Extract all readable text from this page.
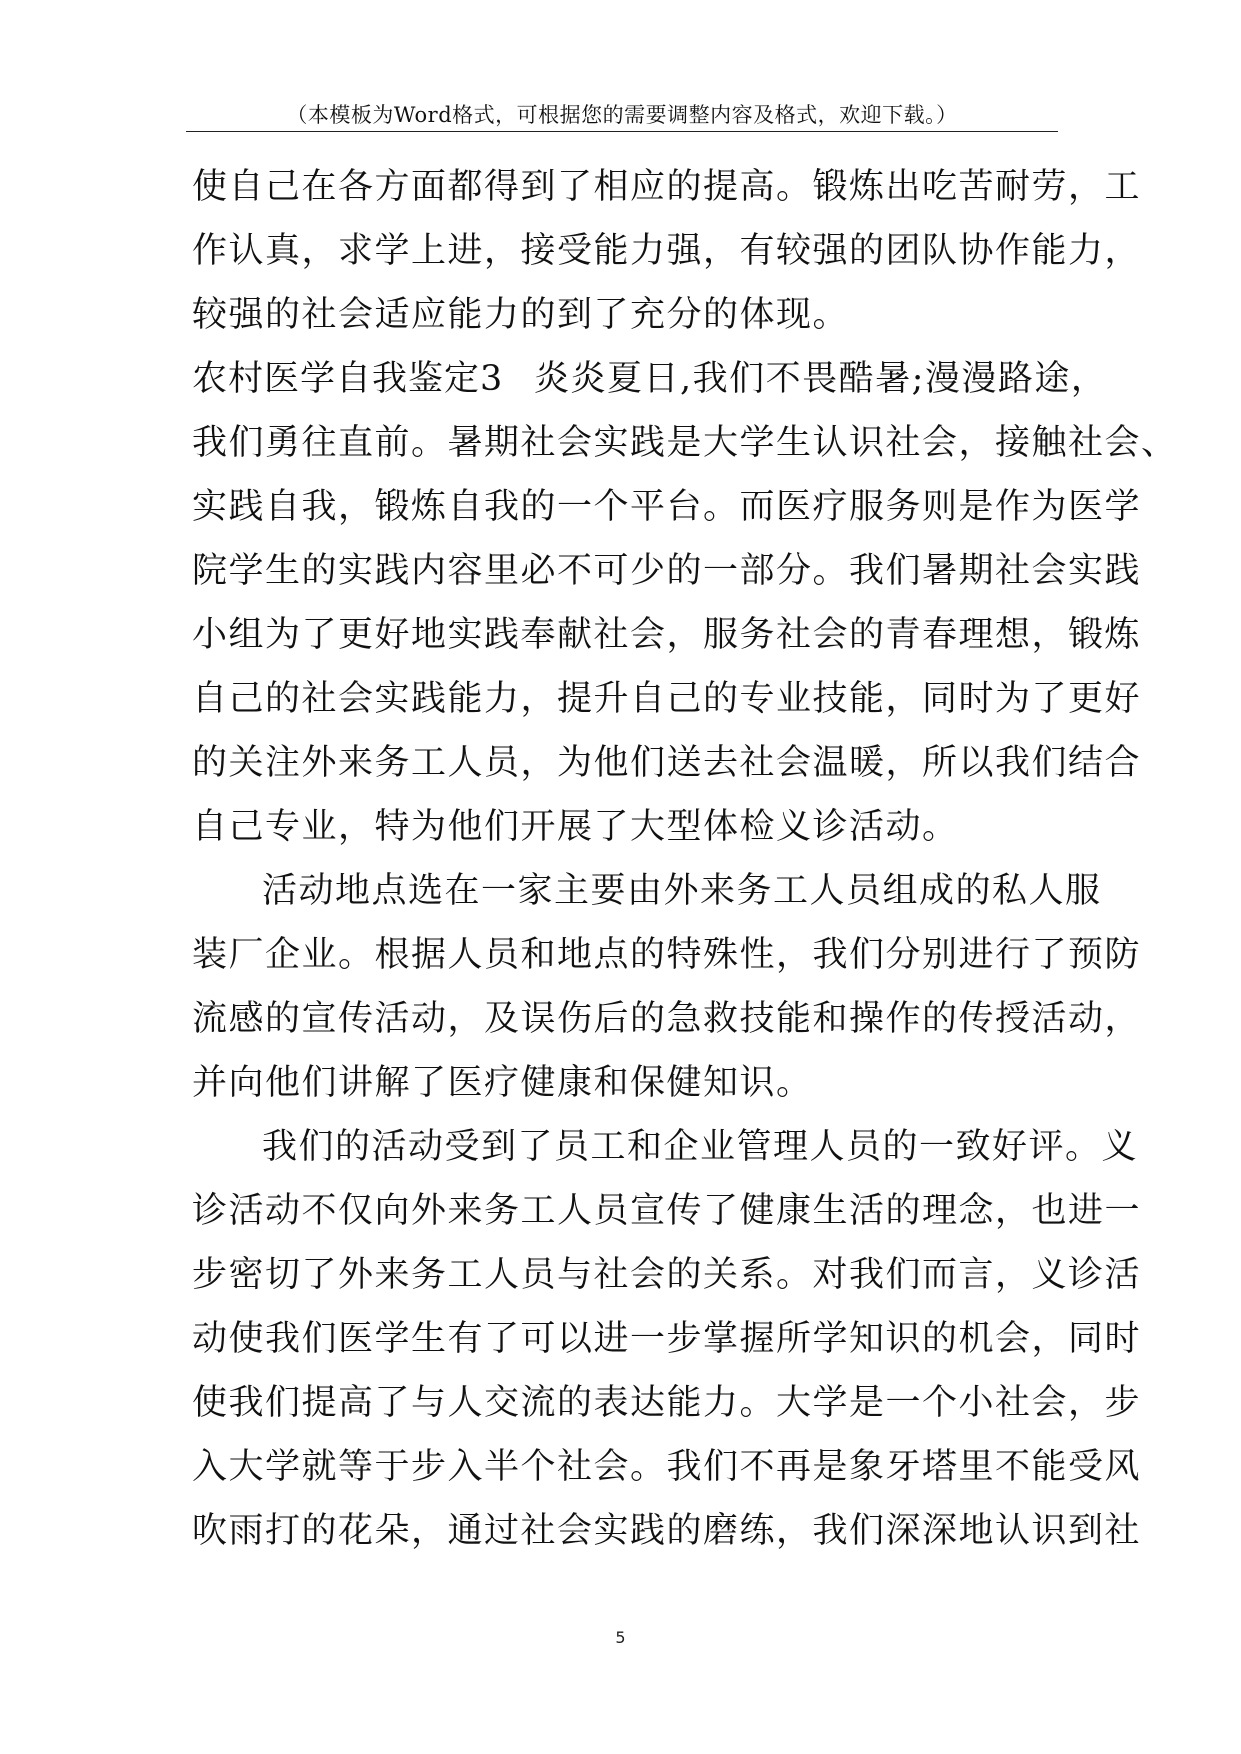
（本模板为Word格式，可根据您的需要调整内容及格式，欢迎下载。）
使自己在各方面都得到了相应的提高。锻炼出吃苦耐劳，工
作认真，求学上进，接受能力强，有较强的团队协作能力，
较强的社会适应能力的到了充分的体现。
农村医学自我鉴定3 炎炎夏日,我们不畏酷暑;漫漫路途，
我们勇往直前。暑期社会实践是大学生认识社会，接触社会、
实践自我，锻炼自我的一个平台。而医疗服务则是作为医学
院学生的实践内容里必不可少的一部分。我们暑期社会实践
小组为了更好地实践奉献社会，服务社会的青春理想，锻炼
自己的社会实践能力，提升自己的专业技能，同时为了更好
的关注外来务工人员，为他们送去社会温暖，所以我们结合
自己专业，特为他们开展了大型体检义诊活动。
活动地点选在一家主要由外来务工人员组成的私人服
装厂企业。根据人员和地点的特殊性，我们分别进行了预防
流感的宣传活动，及误伤后的急救技能和操作的传授活动，
并向他们讲解了医疗健康和保健知识。
我们的活动受到了员工和企业管理人员的一致好评。义
诊活动不仅向外来务工人员宣传了健康生活的理念，也进一
步密切了外来务工人员与社会的关系。对我们而言，义诊活
动使我们医学生有了可以进一步掌握所学知识的机会，同时
使我们提高了与人交流的表达能力。大学是一个小社会，步
入大学就等于步入半个社会。我们不再是象牙塔里不能受风
吹雨打的花朵，通过社会实践的磨练，我们深深地认识到社
5
